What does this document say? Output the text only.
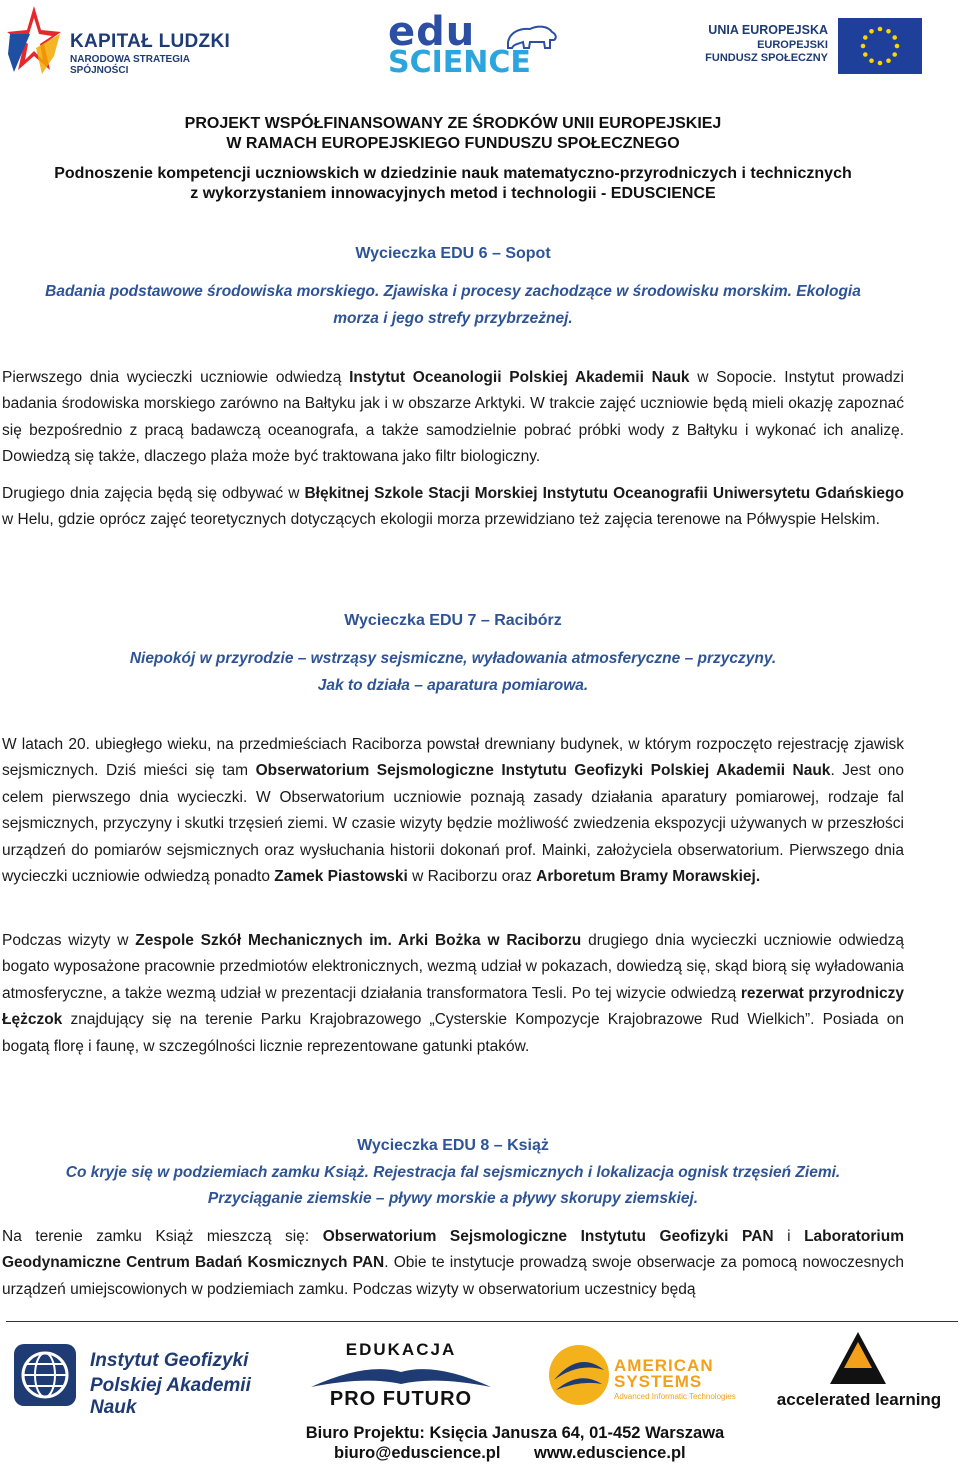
KAPITAŁ LUDZKI
NARODOWA STRATEGIA SPÓJNOŚCI
edu
SCIENCE
UNIA EUROPEJSKA
EUROPEJSKI
FUNDUSZ SPOŁECZNY
PROJEKT WSPÓŁFINANSOWANY ZE ŚRODKÓW UNII EUROPEJSKIEJ
W RAMACH EUROPEJSKIEGO FUNDUSZU SPOŁECZNEGO
Podnoszenie kompetencji uczniowskich w dziedzinie nauk matematyczno-przyrodniczych i technicznych
z wykorzystaniem innowacyjnych metod i technologii - EDUSCIENCE
Wycieczka EDU 6 – Sopot
Badania podstawowe środowiska morskiego. Zjawiska i procesy zachodzące w środowisku morskim. Ekologia
morza i jego strefy przybrzeżnej.
Pierwszego dnia wycieczki uczniowie odwiedzą Instytut Oceanologii Polskiej Akademii Nauk w Sopocie. Instytut prowadzi badania środowiska morskiego zarówno na Bałtyku jak i w obszarze Arktyki. W trakcie zajęć uczniowie będą mieli okazję zapoznać się bezpośrednio z pracą badawczą oceanografa, a także samodzielnie pobrać próbki wody z Bałtyku i wykonać ich analizę. Dowiedzą się także, dlaczego plaża może być traktowana jako filtr biologiczny.
Drugiego dnia zajęcia będą się odbywać w Błękitnej Szkole Stacji Morskiej Instytutu Oceanografii Uniwersytetu Gdańskiego w Helu, gdzie oprócz zajęć teoretycznych dotyczących ekologii morza przewidziano też zajęcia terenowe na Półwyspie Helskim.
Wycieczka EDU 7 – Racibórz
Niepokój w przyrodzie – wstrząsy sejsmiczne, wyładowania atmosferyczne – przyczyny.
Jak to działa – aparatura pomiarowa.
W latach 20. ubiegłego wieku, na przedmieściach Raciborza powstał drewniany budynek, w którym rozpoczęto rejestrację zjawisk sejsmicznych. Dziś mieści się tam Obserwatorium Sejsmologiczne Instytutu Geofizyki Polskiej Akademii Nauk. Jest ono celem pierwszego dnia wycieczki. W Obserwatorium uczniowie poznają zasady działania aparatury pomiarowej, rodzaje fal sejsmicznych, przyczyny i skutki trzęsień ziemi. W czasie wizyty będzie możliwość zwiedzenia ekspozycji używanych w przeszłości urządzeń do pomiarów sejsmicznych oraz wysłuchania historii dokonań prof. Mainki, założyciela obserwatorium. Pierwszego dnia wycieczki uczniowie odwiedzą ponadto Zamek Piastowski w Raciborzu oraz Arboretum Bramy Morawskiej.
Podczas wizyty w Zespole Szkół Mechanicznych im. Arki Bożka w Raciborzu drugiego dnia wycieczki uczniowie odwiedzą bogato wyposażone pracownie przedmiotów elektronicznych, wezmą udział w pokazach, dowiedzą się, skąd biorą się wyładowania atmosferyczne, a także wezmą udział w prezentacji działania transformatora Tesli. Po tej wizycie odwiedzą rezerwat przyrodniczy Łężczok znajdujący się na terenie Parku Krajobrazowego „Cysterskie Kompozycje Krajobrazowe Rud Wielkich”. Posiada on bogatą florę i faunę, w szczególności licznie reprezentowane gatunki ptaków.
Wycieczka EDU 8 – Książ
Co kryje się w podziemiach zamku Książ. Rejestracja fal sejsmicznych i lokalizacja ognisk trzęsień Ziemi.
Przyciąganie ziemskie – pływy morskie a pływy skorupy ziemskiej.
Na terenie zamku Książ mieszczą się: Obserwatorium Sejsmologiczne Instytutu Geofizyki PAN i Laboratorium Geodynamiczne Centrum Badań Kosmicznych PAN. Obie te instytucje prowadzą swoje obserwacje za pomocą nowoczesnych urządzeń umiejscowionych w podziemiach zamku. Podczas wizyty w obserwatorium uczestnicy będą
Instytut Geofizyki
Polskiej Akademii Nauk
EDUKACJA
PRO FUTURO
AMERICAN
SYSTEMS
Advanced Informatic Technologies	accelerated learning
Biuro Projektu: Księcia Janusza 64, 01-452 Warszawa
biuro@eduscience.pl www.eduscience.pl
